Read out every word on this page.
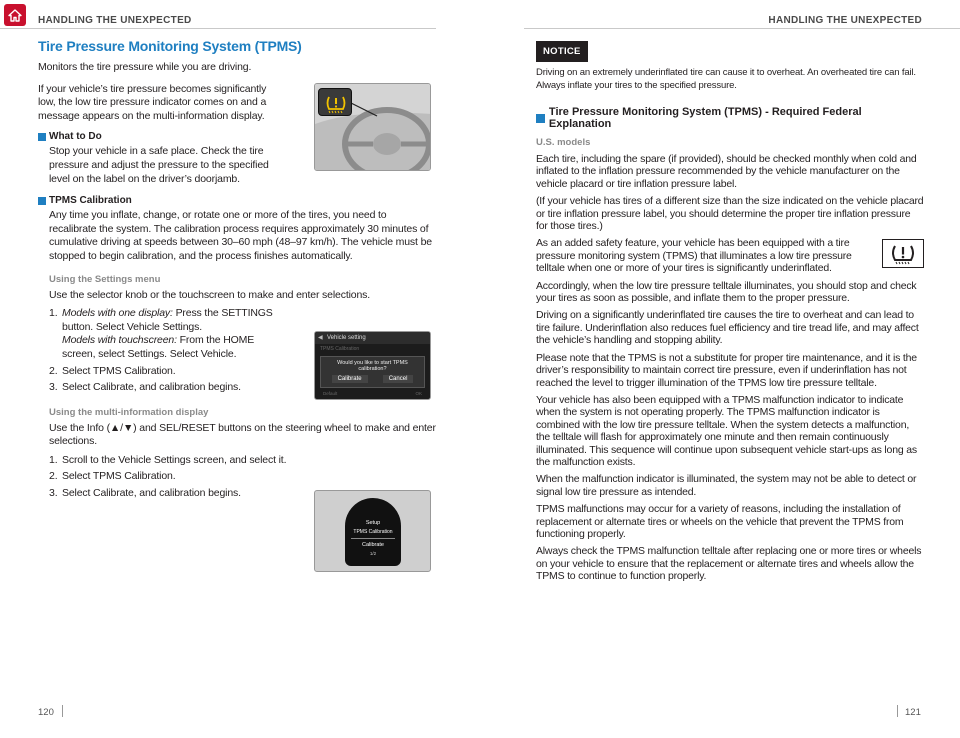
HANDLING THE UNEXPECTED	HANDLING THE UNEXPECTED
Tire Pressure Monitoring System (TPMS)

Monitors the tire pressure while you are driving.

If your vehicle’s tire pressure becomes significantly low, the low tire pressure indicator comes on and a message appears on the multi-information display.

What to Do

Stop your vehicle in a safe place. Check the tire pressure and adjust the pressure to the specified level on the label on the driver’s doorjamb.

TPMS Calibration

Any time you inflate, change, or rotate one or more of the tires, you need to recalibrate the system. The calibration process requires approximately 30 minutes of cumulative driving at speeds between 30–60 mph (48–97 km/h). The vehicle must be stopped to begin calibration, and the process finishes automatically.

Using the Settings menu

Use the selector knob or the touchscreen to make and enter selections.

1. Models with one display: Press the SETTINGS button. Select Vehicle Settings.
Models with touchscreen: From the HOME screen, select Settings. Select Vehicle.
2. Select TPMS Calibration.
3. Select Calibrate, and calibration begins.
Using the multi-information display

Use the Info (▲/▼) and SEL/RESET buttons on the steering wheel to make and enter selections.

1. Scroll to the Vehicle Settings screen, and select it.
2. Select TPMS Calibration.
3. Select Calibrate, and calibration begins.
◀ Vehicle setting
TPMS Calibration
Would you like to start TPMS calibration?
Calibrate	Cancel
Default	OK
Setup
TPMS Calibration
Calibrate
1/2
NOTICE

Driving on an extremely underinflated tire can cause it to overheat. An overheated tire can fail. Always inflate your tires to the specified pressure.

Tire Pressure Monitoring System (TPMS) - Required Federal Explanation
U.S. models

Each tire, including the spare (if provided), should be checked monthly when cold and inflated to the inflation pressure recommended by the vehicle manufacturer on the vehicle placard or tire inflation pressure label.

(If your vehicle has tires of a different size than the size indicated on the vehicle placard or tire inflation pressure label, you should determine the proper tire inflation pressure for those tires.)

As an added safety feature, your vehicle has been equipped with a tire pressure monitoring system (TPMS) that illuminates a low tire pressure telltale when one or more of your tires is significantly underinflated.

Accordingly, when the low tire pressure telltale illuminates, you should stop and check your tires as soon as possible, and inflate them to the proper pressure.

Driving on a significantly underinflated tire causes the tire to overheat and can lead to tire failure. Underinflation also reduces fuel efficiency and tire tread life, and may affect the vehicle’s handling and stopping ability.

Please note that the TPMS is not a substitute for proper tire maintenance, and it is the driver’s responsibility to maintain correct tire pressure, even if underinflation has not reached the level to trigger illumination of the TPMS low tire pressure telltale.

Your vehicle has also been equipped with a TPMS malfunction indicator to indicate when the system is not operating properly. The TPMS malfunction indicator is combined with the low tire pressure telltale. When the system detects a malfunction, the telltale will flash for approximately one minute and then remain continuously illuminated. This sequence will continue upon subsequent vehicle start-ups as long as the malfunction exists.

When the malfunction indicator is illuminated, the system may not be able to detect or signal low tire pressure as intended.

TPMS malfunctions may occur for a variety of reasons, including the installation of replacement or alternate tires or wheels on the vehicle that prevent the TPMS from functioning properly.

Always check the TPMS malfunction telltale after replacing one or more tires or wheels on your vehicle to ensure that the replacement or alternate tires and wheels allow the TPMS to continue to function properly.

120	121
